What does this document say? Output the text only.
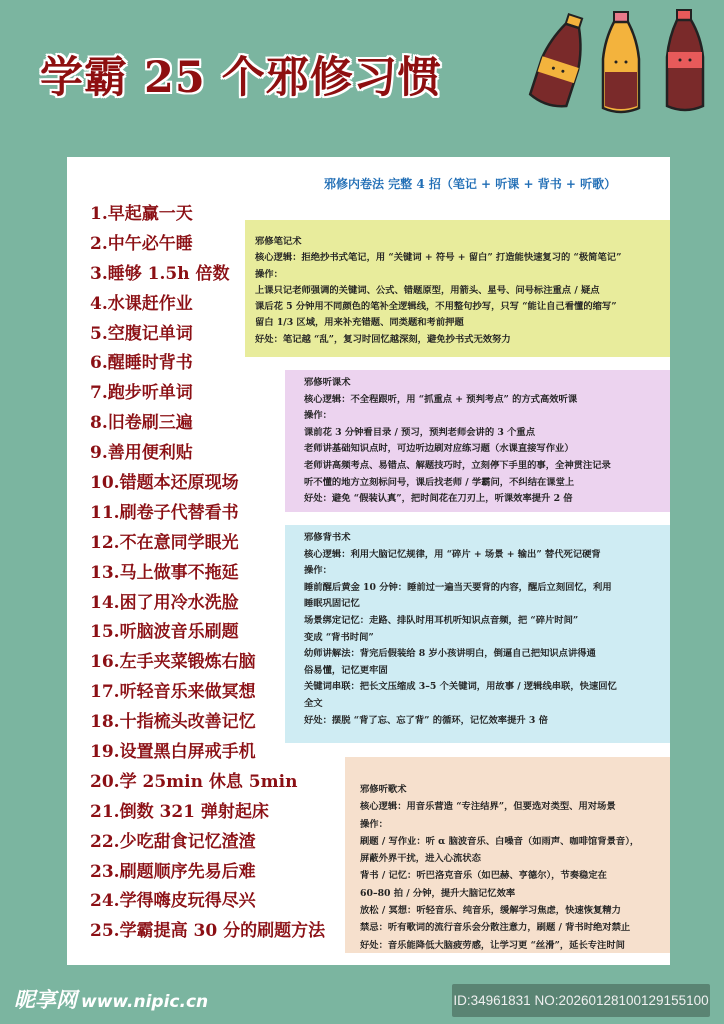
学霸 25 个邪修习惯
邪修内卷法 完整 4 招（笔记 + 听课 + 背书 + 听歌）
1.早起赢一天
2.中午必午睡
3.睡够 1.5h 倍数
4.水课赶作业
5.空腹记单词
6.醒睡时背书
7.跑步听单词
8.旧卷刷三遍
9.善用便利贴
10.错题本还原现场
11.刷卷子代替看书
12.不在意同学眼光
13.马上做事不拖延
14.困了用冷水洗脸
15.听脑波音乐刷题
16.左手夹菜锻炼右脑
17.听轻音乐来做冥想
18.十指梳头改善记忆
19.设置黑白屏戒手机
20.学 25min 休息 5min
21.倒数 321 弹射起床
22.少吃甜食记忆渣渣
23.刷题顺序先易后难
24.学得嗨皮玩得尽兴
25.学霸提高 30 分的刷题方法
邪修笔记术
核心逻辑：拒绝抄书式笔记，用 “关键词 + 符号 + 留白” 打造能快速复习的 “极简笔记”
操作：
上课只记老师强调的关键词、公式、错题原型，用箭头、星号、问号标注重点 / 疑点
课后花 5 分钟用不同颜色的笔补全逻辑线，不用整句抄写，只写 “能让自己看懂的缩写”
留白 1/3 区域，用来补充错题、同类题和考前押题
好处：笔记越 “乱”，复习时回忆越深刻，避免抄书式无效努力
邪修听课术
核心逻辑：不全程跟听，用 “抓重点 + 预判考点” 的方式高效听课
操作：
课前花 3 分钟看目录 / 预习，预判老师会讲的 3 个重点
老师讲基础知识点时，可边听边刷对应练习题（水课直接写作业）
老师讲高频考点、易错点、解题技巧时，立刻停下手里的事，全神贯注记录
听不懂的地方立刻标问号，课后找老师 / 学霸问，不纠结在课堂上
好处：避免 “假装认真”，把时间花在刀刃上，听课效率提升 2 倍
邪修背书术
核心逻辑：利用大脑记忆规律，用 “碎片 + 场景 + 输出” 替代死记硬背
操作：
睡前醒后黄金 10 分钟：睡前过一遍当天要背的内容，醒后立刻回忆，利用
睡眠巩固记忆
场景绑定记忆：走路、排队时用耳机听知识点音频，把 “碎片时间”
变成 “背书时间”
幼师讲解法：背完后假装给 8 岁小孩讲明白，倒逼自己把知识点讲得通
俗易懂，记忆更牢固
关键词串联：把长文压缩成 3–5 个关键词，用故事 / 逻辑线串联，快速回忆
全文
好处：摆脱 “背了忘、忘了背” 的循环，记忆效率提升 3 倍
邪修听歌术
核心逻辑：用音乐营造 “专注结界”，但要选对类型、用对场景
操作：
刷题 / 写作业：听 α 脑波音乐、白噪音（如雨声、咖啡馆背景音），
屏蔽外界干扰，进入心流状态
背书 / 记忆：听巴洛克音乐（如巴赫、亨德尔），节奏稳定在
60–80 拍 / 分钟，提升大脑记忆效率
放松 / 冥想：听轻音乐、纯音乐，缓解学习焦虑，快速恢复精力
禁忌：听有歌词的流行音乐会分散注意力，刷题 / 背书时绝对禁止
好处：音乐能降低大脑疲劳感，让学习更 “丝滑”，延长专注时间
昵享网 www.nipic.cn	ID:34961831 NO:20260128100129155100
